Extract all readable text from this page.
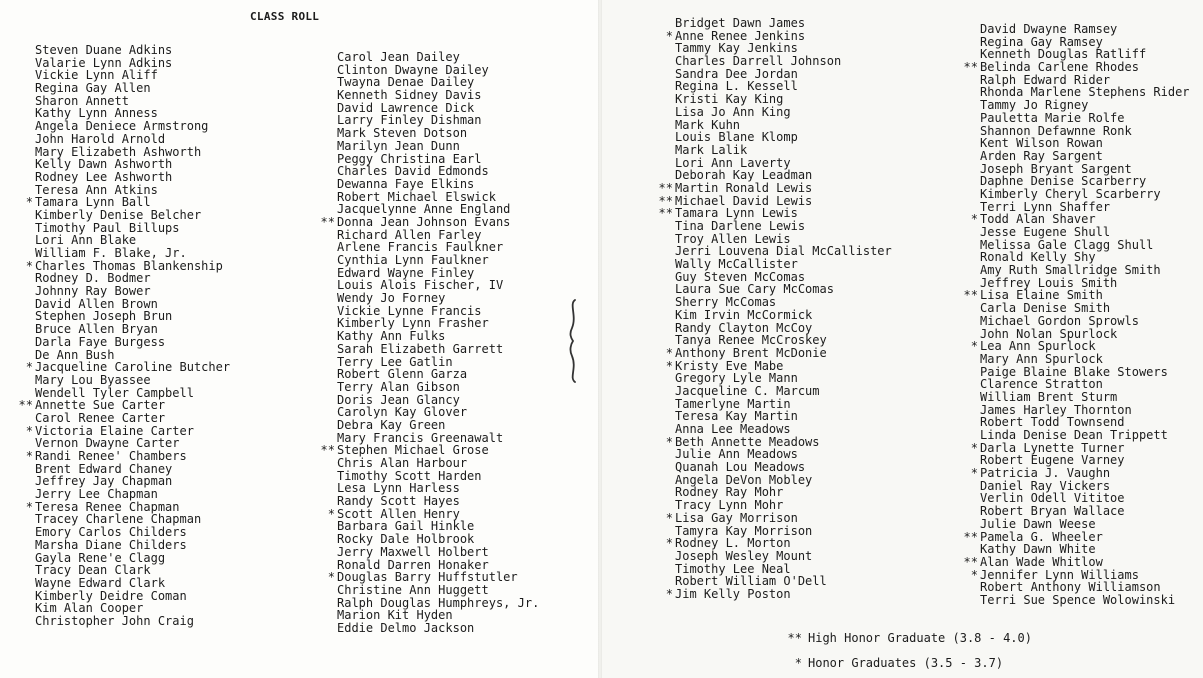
CLASS ROLL
Steven Duane Adkins
Valarie Lynn Adkins
Vickie Lynn Aliff
Regina Gay Allen
Sharon Annett
Kathy Lynn Anness
Angela Deniece Armstrong
John Harold Arnold
Mary Elizabeth Ashworth
Kelly Dawn Ashworth
Rodney Lee Ashworth
Teresa Ann Atkins
* Tamara Lynn Ball
Kimberly Denise Belcher
Timothy Paul Billups
Lori Ann Blake
William F. Blake, Jr.
* Charles Thomas Blankenship
Rodney D. Bodmer
Johnny Ray Bower
David Allen Brown
Stephen Joseph Brun
Bruce Allen Bryan
Darla Faye Burgess
De Ann Bush
* Jacqueline Caroline Butcher
Mary Lou Byassee
Wendell Tyler Campbell
** Annette Sue Carter
Carol Renee Carter
* Victoria Elaine Carter
Vernon Dwayne Carter
* Randi Renee' Chambers
Brent Edward Chaney
Jeffrey Jay Chapman
Jerry Lee Chapman
* Teresa Renee Chapman
Tracey Charlene Chapman
Emory Carlos Childers
Marsha Diane Childers
Gayla Rene'e Clagg
Tracy Dean Clark
Wayne Edward Clark
Kimberly Deidre Coman
Kim Alan Cooper
Christopher John Craig
Carol Jean Dailey
Clinton Dwayne Dailey
Twayna Denae Dailey
Kenneth Sidney Davis
David Lawrence Dick
Larry Finley Dishman
Mark Steven Dotson
Marilyn Jean Dunn
Peggy Christina Earl
Charles David Edmonds
Dewanna Faye Elkins
Robert Michael Elswick
Jacquelynne Anne England
** Donna Jean Johnson Evans
Richard Allen Farley
Arlene Francis Faulkner
Cynthia Lynn Faulkner
Edward Wayne Finley
Louis Alois Fischer, IV
Wendy Jo Forney
Vickie Lynne Francis
Kimberly Lynn Frasher
Kathy Ann Fulks
Sarah Elizabeth Garrett
Terry Lee Gatlin
Robert Glenn Garza
Terry Alan Gibson
Doris Jean Glancy
Carolyn Kay Glover
Debra Kay Green
Mary Francis Greenawalt
** Stephen Michael Grose
Chris Alan Harbour
Timothy Scott Harden
Lesa Lynn Harless
Randy Scott Hayes
* Scott Allen Henry
Barbara Gail Hinkle
Rocky Dale Holbrook
Jerry Maxwell Holbert
Ronald Darren Honaker
* Douglas Barry Huffstutler
Christine Ann Huggett
Ralph Douglas Humphreys, Jr.
Marion Kit Hyden
Eddie Delmo Jackson
Bridget Dawn James
* Anne Renee Jenkins
Tammy Kay Jenkins
Charles Darrell Johnson
Sandra Dee Jordan
Regina L. Kessell
Kristi Kay King
Lisa Jo Ann King
Mark Kuhn
Louis Blane Klomp
Mark Lalik
Lori Ann Laverty
Deborah Kay Leadman
** Martin Ronald Lewis
** Michael David Lewis
** Tamara Lynn Lewis
Tina Darlene Lewis
Troy Allen Lewis
Jerri Louvena Dial McCallister
Wally McCallister
Guy Steven McComas
Laura Sue Cary McComas
Sherry McComas
Kim Irvin McCormick
Randy Clayton McCoy
Tanya Renee McCroskey
* Anthony Brent McDonie
* Kristy Eve Mabe
Gregory Lyle Mann
Jacqueline C. Marcum
Tamerlyne Martin
Teresa Kay Martin
Anna Lee Meadows
* Beth Annette Meadows
Julie Ann Meadows
Quanah Lou Meadows
Angela DeVon Mobley
Rodney Ray Mohr
Tracy Lynn Mohr
* Lisa Gay Morrison
Tamyra Kay Morrison
* Rodney L. Morton
Joseph Wesley Mount
Timothy Lee Neal
Robert William O'Dell
* Jim Kelly Poston
David Dwayne Ramsey
Regina Gay Ramsey
Kenneth Douglas Ratliff
** Belinda Carlene Rhodes
Ralph Edward Rider
Rhonda Marlene Stephens Rider
Tammy Jo Rigney
Pauletta Marie Rolfe
Shannon Defawnne Ronk
Kent Wilson Rowan
Arden Ray Sargent
Joseph Bryant Sargent
Daphne Denise Scarberry
Kimberly Cheryl Scarberry
Terri Lynn Shaffer
* Todd Alan Shaver
Jesse Eugene Shull
Melissa Gale Clagg Shull
Ronald Kelly Shy
Amy Ruth Smallridge Smith
Jeffrey Louis Smith
** Lisa Elaine Smith
Carla Denise Smith
Michael Gordon Sprowls
John Nolan Spurlock
* Lea Ann Spurlock
Mary Ann Spurlock
Paige Blaine Blake Stowers
Clarence Stratton
William Brent Sturm
James Harley Thornton
Robert Todd Townsend
Linda Denise Dean Trippett
* Darla Lynette Turner
Robert Eugene Varney
* Patricia J. Vaughn
Daniel Ray Vickers
Verlin Odell Vititoe
Robert Bryan Wallace
Julie Dawn Weese
** Pamela G. Wheeler
Kathy Dawn White
** Alan Wade Whitlow
* Jennifer Lynn Williams
Robert Anthony Williamson
Terri Sue Spence Wolowinski
** High Honor Graduate (3.8 - 4.0)
* Honor Graduates (3.5 - 3.7)
